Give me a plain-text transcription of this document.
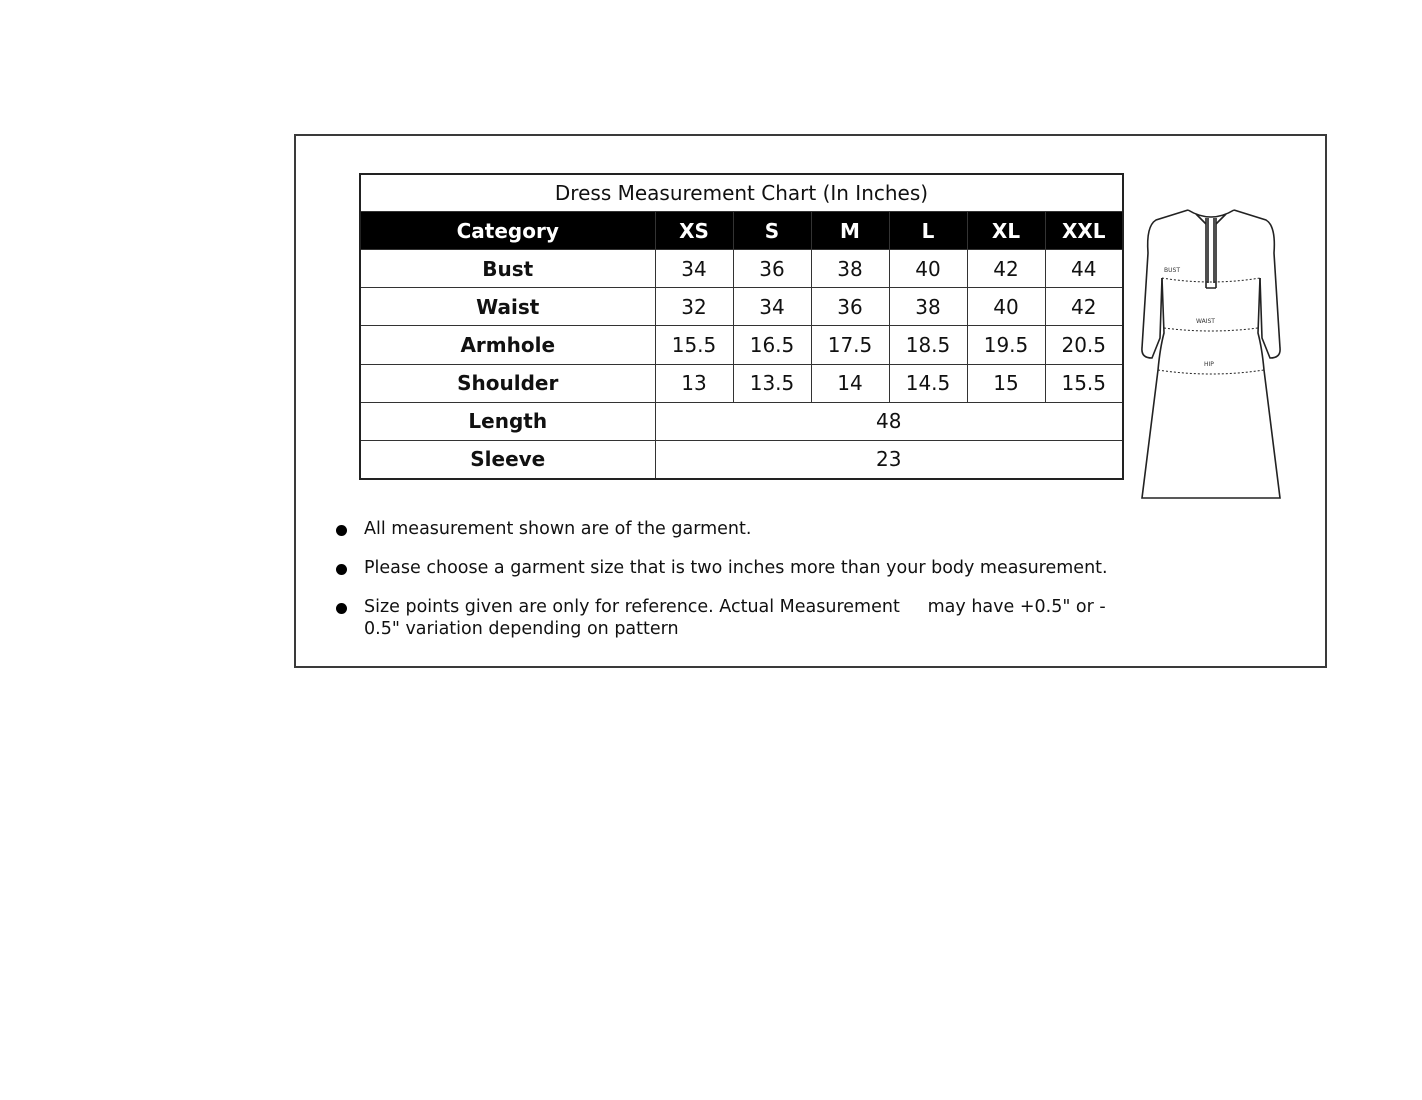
Dress Measurement Chart (In Inches)						
Category	XS	S	M	L	XL	XXL
Bust	34	36	38	40	42	44
Waist	32	34	36	38	40	42
Armhole	15.5	16.5	17.5	18.5	19.5	20.5
Shoulder	13	13.5	14	14.5	15	15.5
Length	48					
Sleeve	23					
BUST
WAIST
HIP
All measurement shown are of the garment.
Please choose a garment size that is two inches more than your body measurement.
Size points given are only for reference. Actual Measurement     may have +0.5" or -
0.5" variation depending on pattern
